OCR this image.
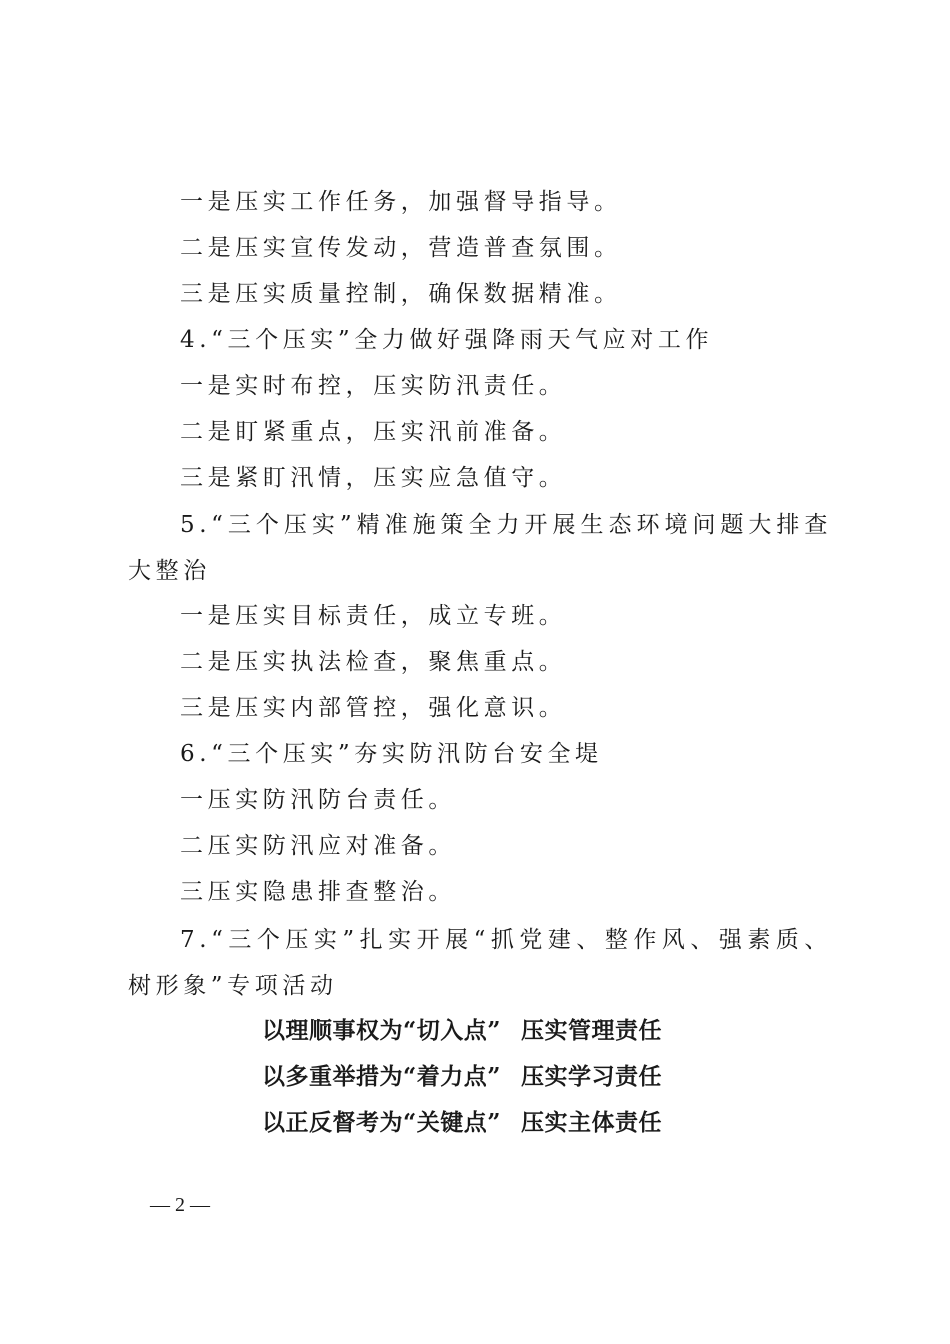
一是压实工作任务，加强督导指导。
二是压实宣传发动，营造普查氛围。
三是压实质量控制，确保数据精准。
4.“三个压实”全力做好强降雨天气应对工作
一是实时布控，压实防汛责任。
二是盯紧重点，压实汛前准备。
三是紧盯汛情，压实应急值守。
5.“三个压实”精准施策全力开展生态环境问题大排查大整治
一是压实目标责任，成立专班。
二是压实执法检查，聚焦重点。
三是压实内部管控，强化意识。
6.“三个压实”夯实防汛防台安全堤
一压实防汛防台责任。
二压实防汛应对准备。
三压实隐患排查整治。
7.“三个压实”扎实开展“抓党建、整作风、强素质、树形象”专项活动
以理顺事权为“切入点” 压实管理责任
以多重举措为“着力点” 压实学习责任
以正反督考为“关键点” 压实主体责任
— 2 —
